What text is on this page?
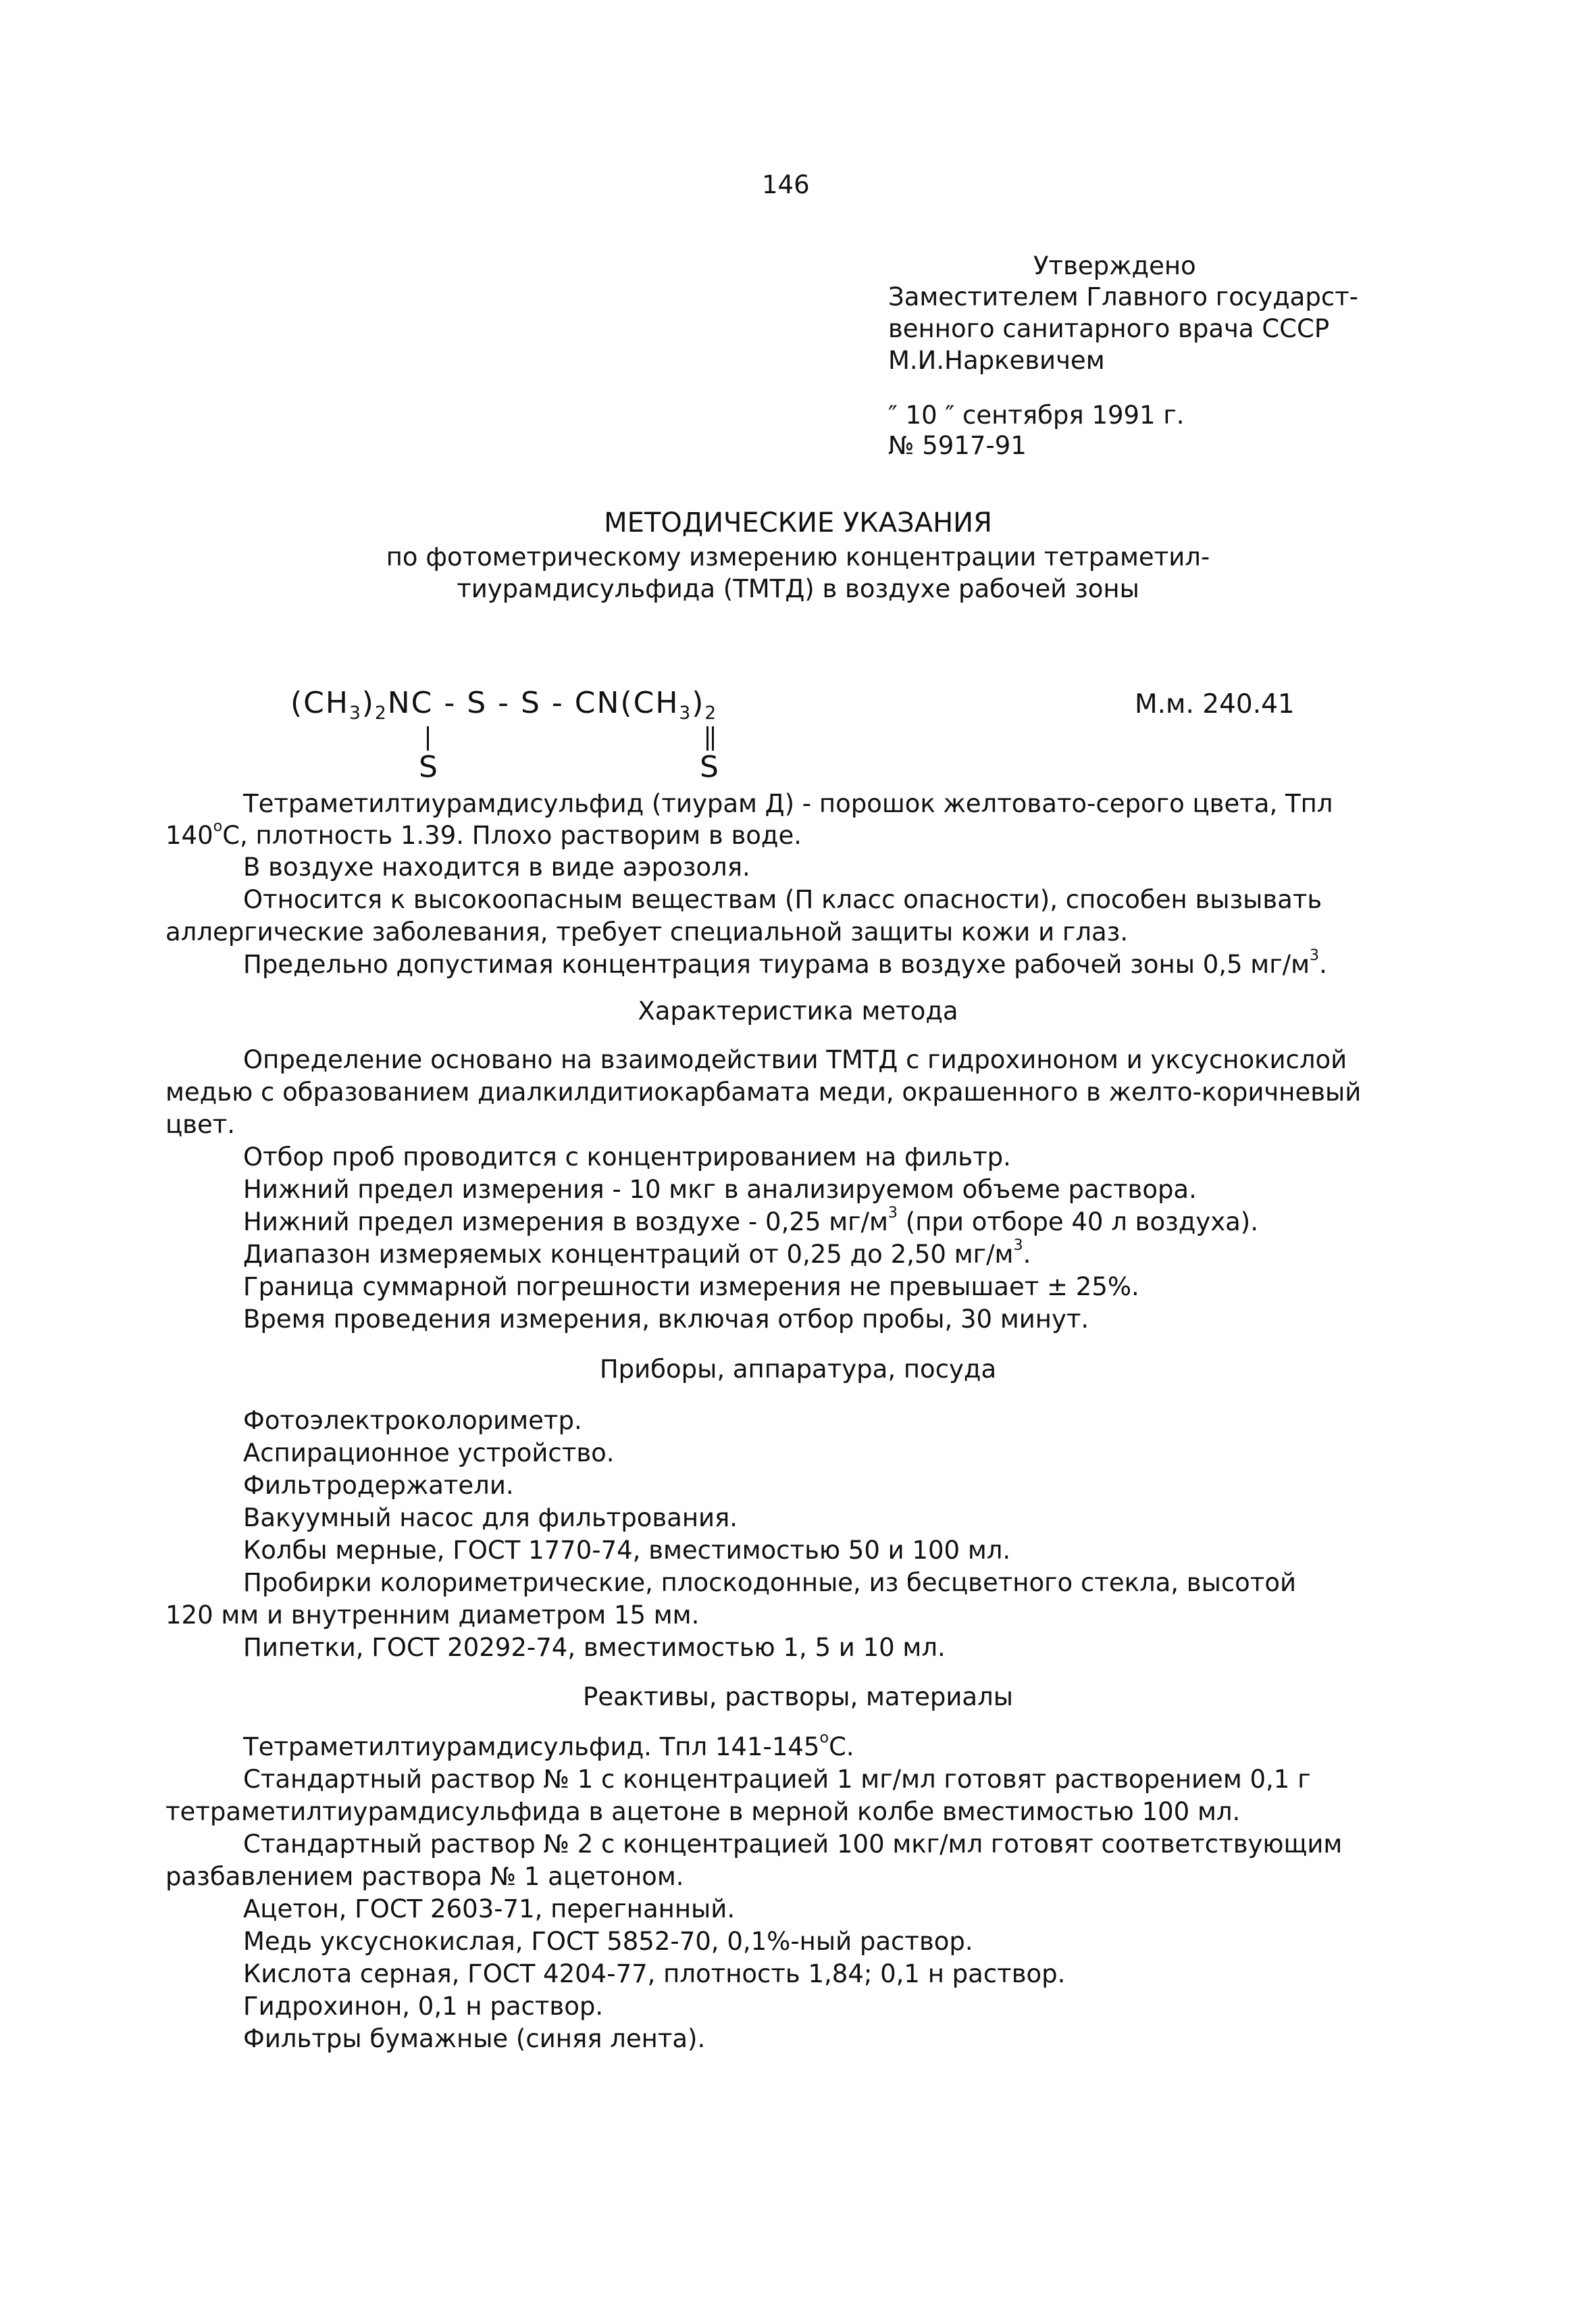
146
Утверждено
Заместителем Главного государст-
венного санитарного врача СССР
М.И.Наркевичем
″ 10 ″ сентября 1991 г.
№ 5917-91
МЕТОДИЧЕСКИЕ УКАЗАНИЯ
по фотометрическому измерению концентрации тетраметил-
тиурамдисульфида (ТМТД) в воздухе рабочей зоны
$(CH_3)_2NC$ - S - S - $CN(CH_3)_2$
S	S
М.м. 240.41
Тетраметилтиурамдисульфид (тиурам Д) - порошок желтовато-серого цвета, Тпл
$140^оС$, плотность 1.39. Плохо растворим в воде.
В воздухе находится в виде аэрозоля.
Относится к высокоопасным веществам (П класс опасности), способен вызывать
аллергические заболевания, требует специальной защиты кожи и глаз.
Предельно допустимая концентрация тиурама в воздухе рабочей зоны 0,5 $мг/м^3$.
Характеристика метода
Определение основано на взаимодействии ТМТД с гидрохиноном и уксуснокислой
медью с образованием диалкилдитиокарбамата меди, окрашенного в желто-коричневый
цвет.
Отбор проб проводится с концентрированием на фильтр.
Нижний предел измерения - 10 мкг в анализируемом объеме раствора.
Нижний предел измерения в воздухе - 0,25 $мг/м^3$ (при отборе 40 л воздуха).
Диапазон измеряемых концентраций от 0,25 до 2,50 $мг/м^3$.
Граница суммарной погрешности измерения не превышает ± 25%.
Время проведения измерения, включая отбор пробы, 30 минут.
Приборы, аппаратура, посуда
Фотоэлектроколориметр.
Аспирационное устройство.
Фильтродержатели.
Вакуумный насос для фильтрования.
Колбы мерные, ГОСТ 1770-74, вместимостью 50 и 100 мл.
Пробирки колориметрические, плоскодонные, из бесцветного стекла, высотой
120 мм и внутренним диаметром 15 мм.
Пипетки, ГОСТ 20292-74, вместимостью 1, 5 и 10 мл.
Реактивы, растворы, материалы
Тетраметилтиурамдисульфид. Тпл $141-145^оС$.
Стандартный раствор № 1 с концентрацией 1 мг/мл готовят растворением 0,1 г
тетраметилтиурамдисульфида в ацетоне в мерной колбе вместимостью 100 мл.
Стандартный раствор № 2 с концентрацией 100 мкг/мл готовят соответствующим
разбавлением раствора № 1 ацетоном.
Ацетон, ГОСТ 2603-71, перегнанный.
Медь уксуснокислая, ГОСТ 5852-70, 0,1%-ный раствор.
Кислота серная, ГОСТ 4204-77, плотность 1,84; 0,1 н раствор.
Гидрохинон, 0,1 н раствор.
Фильтры бумажные (синяя лента).
